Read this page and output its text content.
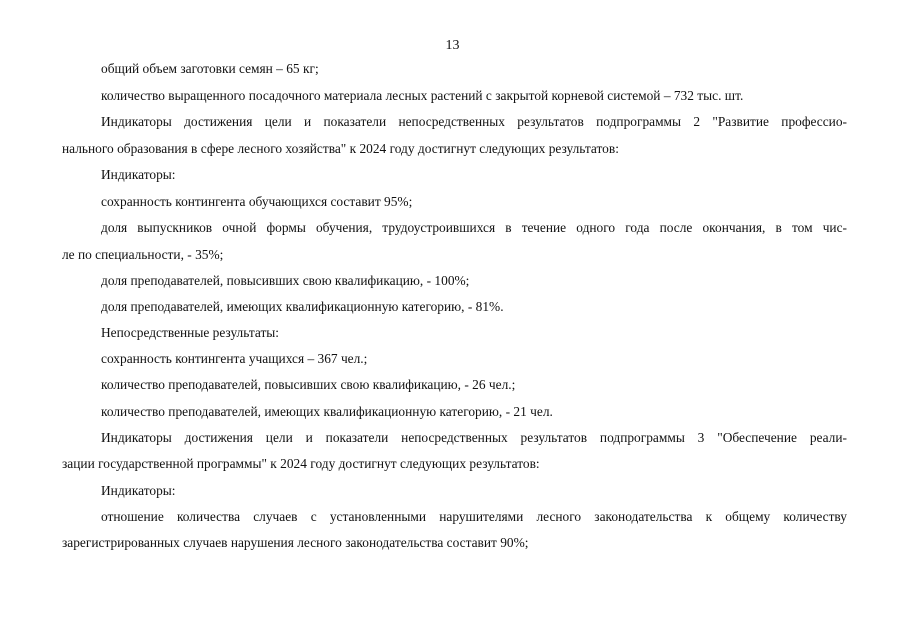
13
общий объем заготовки семян – 65 кг;
количество выращенного посадочного материала лесных растений с закрытой корневой системой – 732 тыс. шт.
Индикаторы достижения цели и показатели непосредственных результатов подпрограммы 2 "Развитие профессио-
нального образования в сфере лесного хозяйства" к 2024 году достигнут следующих результатов:
Индикаторы:
сохранность контингента обучающихся составит 95%;
доля выпускников очной формы обучения, трудоустроившихся в течение одного года после окончания, в том чис-
ле по специальности, - 35%;
доля преподавателей, повысивших свою квалификацию, - 100%;
доля преподавателей, имеющих квалификационную категорию, - 81%.
Непосредственные результаты:
сохранность контингента учащихся – 367 чел.;
количество преподавателей, повысивших свою квалификацию, - 26 чел.;
количество преподавателей, имеющих квалификационную категорию, - 21 чел.
Индикаторы достижения цели и показатели непосредственных результатов подпрограммы 3 "Обеспечение реали-
зации государственной программы" к 2024 году достигнут следующих результатов:
Индикаторы:
отношение количества случаев с установленными нарушителями лесного законодательства к общему количеству
зарегистрированных случаев нарушения лесного законодательства составит 90%;
